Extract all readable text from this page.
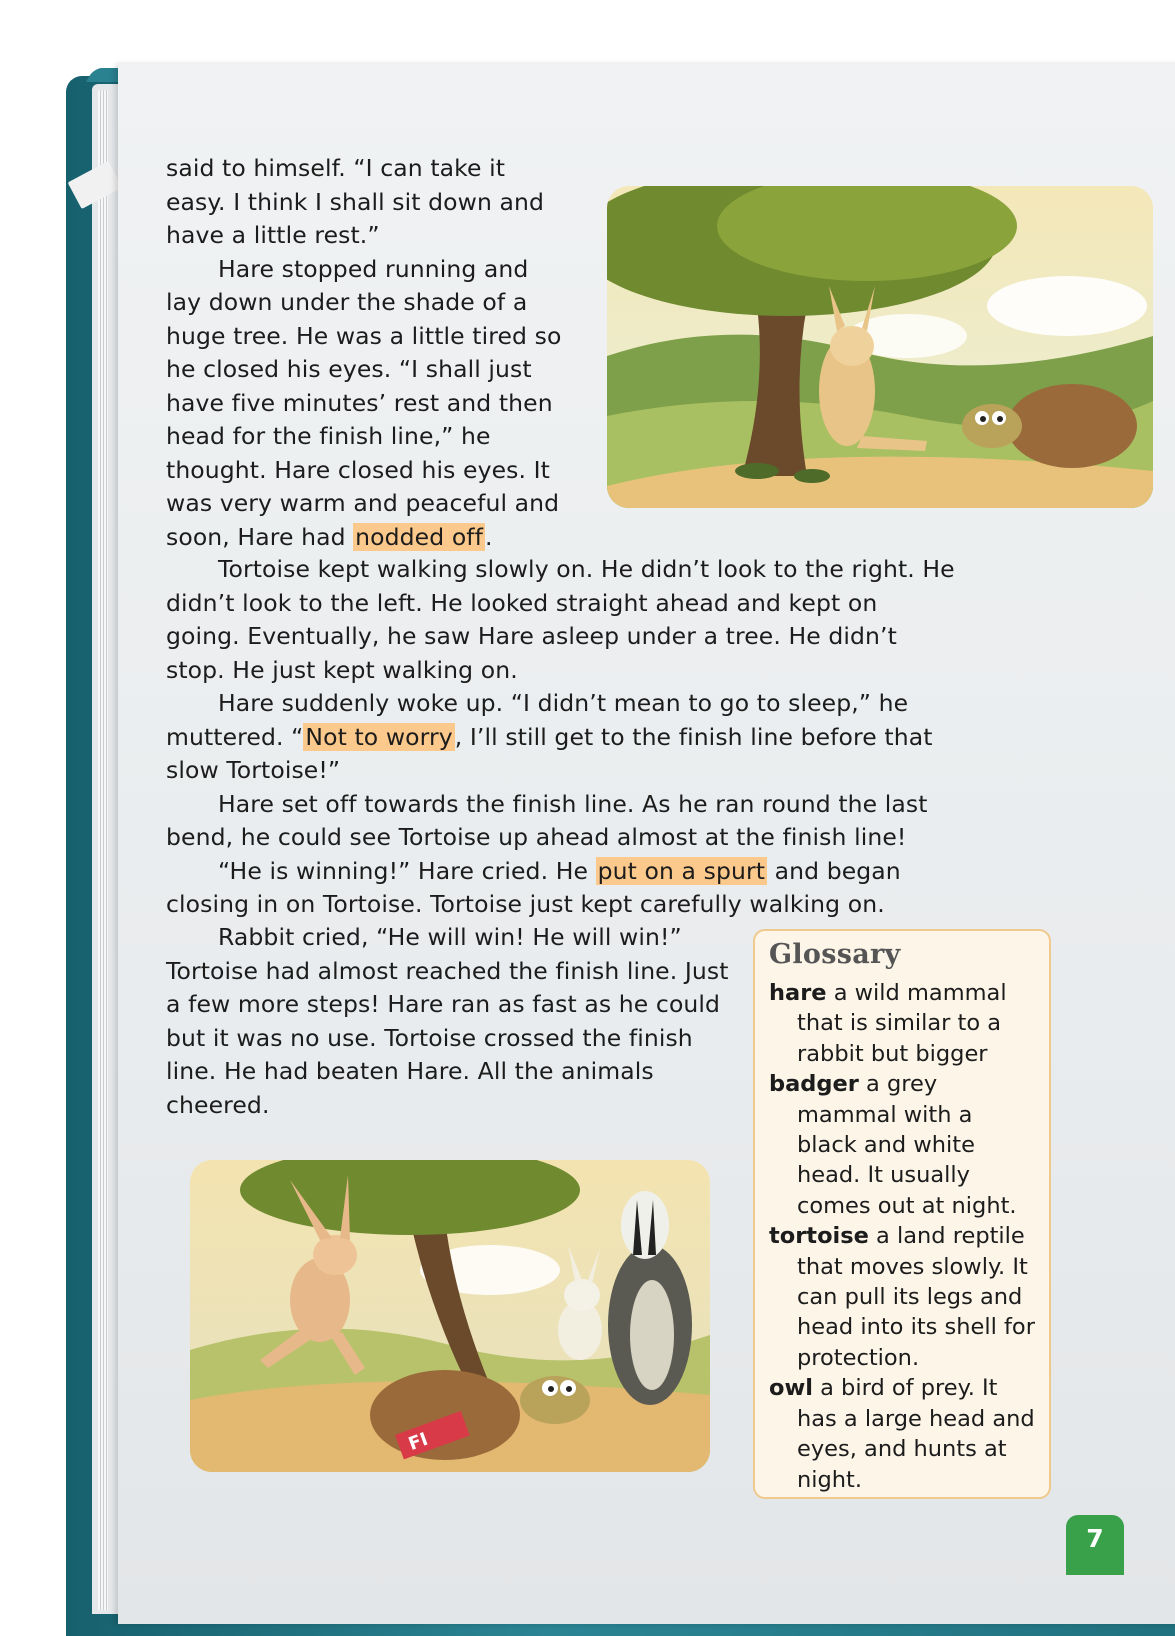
said to himself. “I can take it easy. I think I shall sit down and have a little rest.”

Hare stopped running and lay down under the shade of a huge tree. He was a little tired so he closed his eyes. “I shall just have five minutes’ rest and then head for the finish line,” he thought. Hare closed his eyes. It was very warm and peaceful and soon, Hare had nodded off.

Tortoise kept walking slowly on. He didn’t look to the right. He didn’t look to the left. He looked straight ahead and kept on going. Eventually, he saw Hare asleep under a tree. He didn’t stop. He just kept walking on.

Hare suddenly woke up. “I didn’t mean to go to sleep,” he muttered. “Not to worry, I’ll still get to the finish line before that slow Tortoise!”

Hare set off towards the finish line. As he ran round the last bend, he could see Tortoise up ahead almost at the finish line!

“He is winning!” Hare cried. He put on a spurt and began closing in on Tortoise. Tortoise just kept carefully walking on.

Rabbit cried, “He will win! He will win!” Tortoise had almost reached the finish line. Just a few more steps! Hare ran as fast as he could but it was no use. Tortoise crossed the finish line. He had beaten Hare. All the animals cheered.

FI
Glossary

hare a wild mammal that is similar to a rabbit but bigger

badger a grey mammal with a black and white head. It usually comes out at night.

tortoise a land reptile that moves slowly. It can pull its legs and head into its shell for protection.

owl a bird of prey. It has a large head and eyes, and hunts at night.

7
